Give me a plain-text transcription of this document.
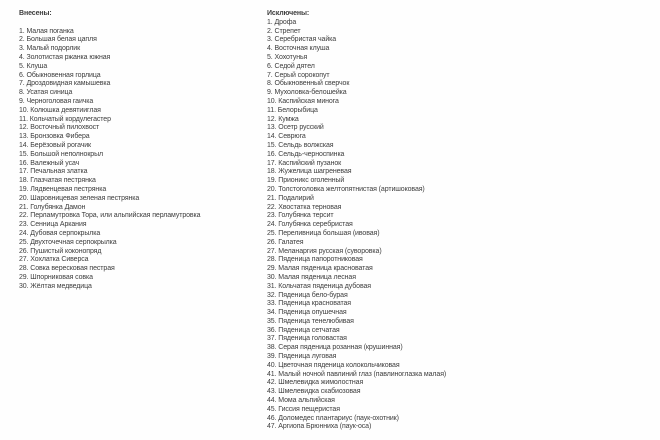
Внесены:
1. Малая поганка
2. Большая белая цапля
3. Малый подорлик
4. Золотистая ржанка южная
5. Клуша
6. Обыкновенная горлица
7. Дроздовидная камышевка
8. Усатая синица
9. Черноголовая гаичка
10. Колюшка девятииглая
11. Кольчатый кордулегастер
12. Восточный пилохвост
13. Бронзовка Фибера
14. Берёзовый рогачик
15. Большой неполнокрыл
16. Валежный усач
17. Печальная златка
18. Глазчатая пестрянка
19. Лядвенцевая пестрянка
20. Шаровницевая зеленая пестрянка
21. Голубянка Дамон
22. Перламутровка Тора, или альпийская перламутровка
23. Сенница Аркания
24. Дубовая серпокрылка
25. Двухточечная серпокрылка
26. Пушистый коконопряд
27. Хохлатка Сиверса
28. Совка вересковая пестрая
29. Шпорниковая совка
30. Жёлтая медведица
Исключены:
1. Дрофа
2. Стрепет
3. Серебристая чайка
4. Восточная клуша
5. Хохотунья
6. Седой дятел
7. Серый сорокопут
8. Обыкновенный сверчок
9. Мухоловка-белошейка
10. Каспийская минога
11. Белорыбица
12. Кумжа
13. Осетр русский
14. Севрюга
15. Сельдь волжская
16. Сельдь-черноспинка
17. Каспийский пузанок
18. Жужелица шагреневая
19. Прионикс оголенный
20. Толстоголовка желтопятнистая (артишоковая)
21. Подалирий
22. Хвостатка терновая
23. Голубянка терсит
24. Голубянка серебристая
25. Переливница большая (ивовая)
26. Галатея
27. Меланаргия русская (суворовка)
28. Пяденица папоротниковая
29. Малая пяденица красноватая
30. Малая пяденица лесная
31. Кольчатая пяденица дубовая
32. Пяденица бело-бурая
33. Пяденица красноватая
34. Пяденица опушечная
35. Пяденица тенелюбивая
36. Пяденица сетчатая
37. Пяденица головастая
38. Серая пяденица розанная (крушинная)
39. Пяденица луговая
40. Цветочная пяденица колокольчиковая
41. Малый ночной павлиний глаз (павлиноглазка малая)
42. Шмелевидка жимолостная
43. Шмелевидка скабиозовая
44. Мома альпийская
45. Гиссия пещеристая
46. Доломедес плантариус (паук-охотник)
47. Аргиопа Брюнниха (паук-оса)
